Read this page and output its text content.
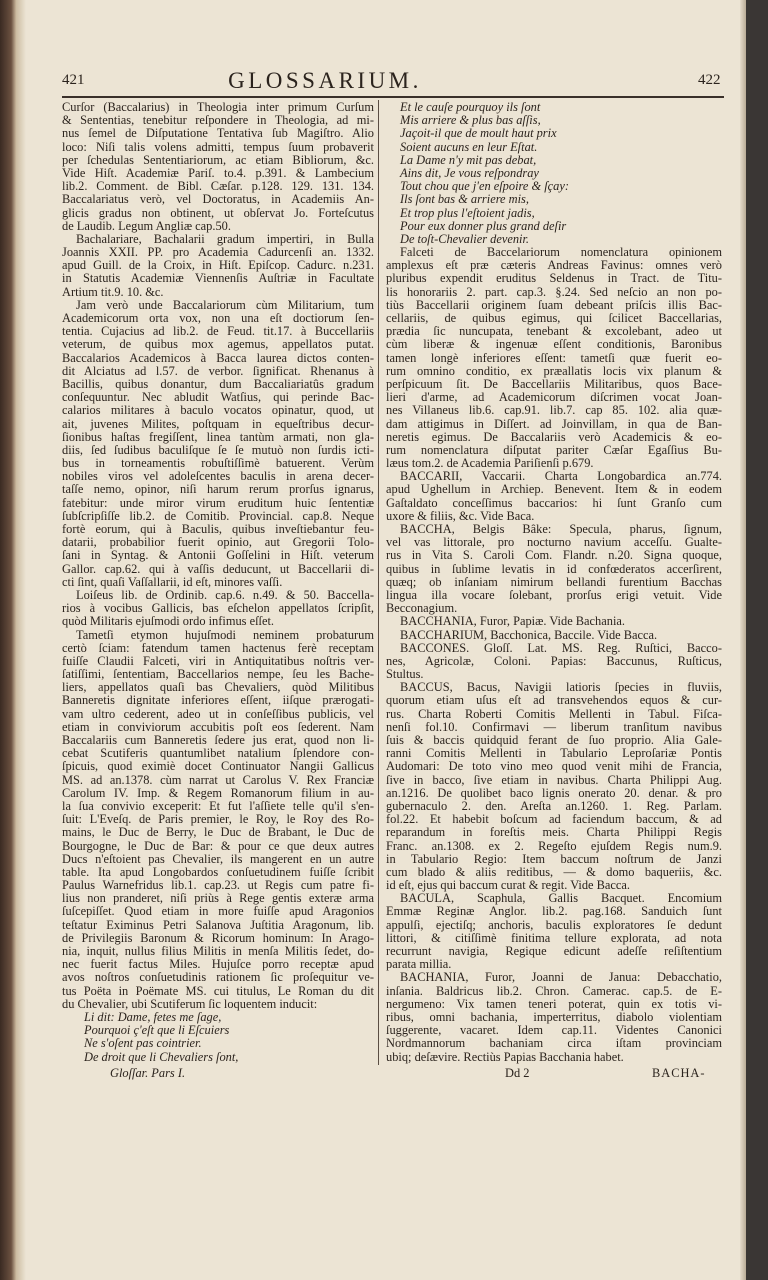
421	GLOSSARIUM.	422
Curſor (Baccalarius) in Theologia inter primum Curſum
& Sententias, tenebitur reſpondere in Theologia, ad mi-
nus ſemel de Diſputatione Tentativa ſub Magiſtro. Alio
loco: Niſi talis volens admitti, tempus ſuum probaverit
per ſchedulas Sententiariorum, ac etiam Bibliorum, &c.
Vide Hiſt. Academiæ Pariſ. to.4. p.391. & Lambecium
lib.2. Comment. de Bibl. Cæſar. p.128. 129. 131. 134.
Baccalariatus verò, vel Doctoratus, in Academiis An-
glicis gradus non obtinent, ut obſervat Jo. Forteſcutus
de Laudib. Legum Angliæ cap.50.
Bachalariare, Bachalarii gradum impertiri, in Bulla
Joannis XXII. PP. pro Academia Cadurcenſi an. 1332.
apud Guill. de la Croix, in Hiſt. Epiſcop. Cadurc. n.231.
in Statutis Academiæ Viennenſis Auſtriæ in Facultate
Artium tit.9. 10. &c.
Jam verò unde Baccalariorum cùm Militarium, tum
Academicorum orta vox, non una eſt doctiorum ſen-
tentia. Cujacius ad lib.2. de Feud. tit.17. à Buccellariis
veterum, de quibus mox agemus, appellatos putat.
Baccalarios Academicos à Bacca laurea dictos conten-
dit Alciatus ad l.57. de verbor. ſignificat. Rhenanus à
Bacillis, quibus donantur, dum Baccaliariatûs gradum
conſequuntur. Nec abludit Watſius, qui perinde Bac-
calarios militares à baculo vocatos opinatur, quod, ut
ait, juvenes Milites, poſtquam in equeſtribus decur-
ſionibus haſtas fregiſſent, linea tantùm armati, non gla-
diis, ſed ſudibus baculiſque ſe ſe mutuò non ſurdis icti-
bus in torneamentis robuſtiſſimè batuerent. Verùm
nobiles viros vel adoleſcentes baculis in arena decer-
taſſe nemo, opinor, niſi harum rerum prorſus ignarus,
fatebitur: unde miror virum eruditum huic ſententiæ
ſubſcripſiſſe lib.2. de Comitib. Provincial. cap.8. Neque
fortè eorum, qui à Baculis, quibus inveſtiebantur feu-
datarii, probabilior fuerit opinio, aut Gregorii Tolo-
ſani in Syntag. & Antonii Goſſelini in Hiſt. veterum
Gallor. cap.62. qui à vaſſis deducunt, ut Baccellarii di-
cti ſint, quaſi Vaſſallarii, id eſt, minores vaſſi.
Loiſeus lib. de Ordinib. cap.6. n.49. & 50. Baccella-
rios à vocibus Gallicis, bas eſchelon appellatos ſcripſit,
quòd Militaris ejuſmodi ordo infimus eſſet.
Tametſi etymon hujuſmodi neminem probaturum
certò ſciam: fatendum tamen hactenus ferè receptam
fuiſſe Claudii Falceti, viri in Antiquitatibus noſtris ver-
ſatiſſimi, ſententiam, Baccellarios nempe, ſeu les Bache-
liers, appellatos quaſi bas Chevaliers, quòd Militibus
Banneretis dignitate inferiores eſſent, iiſque prærogati-
vam ultro cederent, adeo ut in conſeſſibus publicis, vel
etiam in conviviorum accubitis poſt eos ſederent. Nam
Baccalariis cum Banneretis ſedere jus erat, quod non li-
cebat Scutiferis quantumlibet natalium ſplendore con-
ſpicuis, quod eximiè docet Continuator Nangii Gallicus
MS. ad an.1378. cùm narrat ut Carolus V. Rex Franciæ
Carolum IV. Imp. & Regem Romanorum filium in au-
la ſua convivio exceperit: Et fut l'aſſiete telle qu'il s'en-
ſuit: L'Eveſq. de Paris premier, le Roy, le Roy des Ro-
mains, le Duc de Berry, le Duc de Brabant, le Duc de
Bourgogne, le Duc de Bar: & pour ce que deux autres
Ducs n'eſtoient pas Chevalier, ils mangerent en un autre
table. Ita apud Longobardos conſuetudinem fuiſſe ſcribit
Paulus Warnefridus lib.1. cap.23. ut Regis cum patre fi-
lius non pranderet, niſi priùs à Rege gentis exteræ arma
ſuſcepiſſet. Quod etiam in more fuiſſe apud Aragonios
teſtatur Eximinus Petri Salanova Juſtitia Aragonum, lib.
de Privilegiis Baronum & Ricorum hominum: In Arago-
nia, inquit, nullus filius Militis in menſa Militis ſedet, do-
nec fuerit factus Miles. Hujuſce porro receptæ apud
avos noſtros conſuetudinis rationem ſic proſequitur ve-
tus Poëta in Poëmate MS. cui titulus, Le Roman du dit
du Chevalier, ubi Scutiferum ſic loquentem inducit:
Li dit: Dame, fetes me ſage,
Pourquoi ç'eſt que li Eſcuiers
Ne s'oſent pas cointrier.
De droit que li Chevaliers ſont,
Et le cauſe pourquoy ils ſont
Mis arriere & plus bas aſſis,
Jaçoit-il que de moult haut prix
Soient aucuns en leur Eſtat.
La Dame n'y mit pas debat,
Ains dit, Je vous reſpondray
Tout chou que j'en eſpoire & ſçay:
Ils ſont bas & arriere mis,
Et trop plus l'eſtoient jadis,
Pour eux donner plus grand deſir
De toſt-Chevalier devenir.
Falceti de Baccelariorum nomenclatura opinionem
amplexus eſt præ cæteris Andreas Favinus: omnes verò
pluribus expendit eruditus Seldenus in Tract. de Titu-
lis honorariis 2. part. cap.3. §.24. Sed neſcio an non po-
tiùs Baccellarii originem ſuam debeant priſcis illis Bac-
cellariis, de quibus egimus, qui ſcilicet Baccellarias,
prædia ſic nuncupata, tenebant & excolebant, adeo ut
cùm liberæ & ingenuæ eſſent conditionis, Baronibus
tamen longè inferiores eſſent: tametſi quæ fuerit eo-
rum omnino conditio, ex præallatis locis vix planum &
perſpicuum ſit. De Baccellariis Militaribus, quos Bace-
lieri d'arme, ad Academicorum diſcrimen vocat Joan-
nes Villaneus lib.6. cap.91. lib.7. cap 85. 102. alia quæ-
dam attigimus in Diſſert. ad Joinvillam, in qua de Ban-
neretis egimus. De Baccalariis verò Academicis & eo-
rum nomenclatura diſputat pariter Cæſar Egaſſius Bu-
læus tom.2. de Academia Pariſienſi p.679.
BACCARII, Vaccarii. Charta Longobardica an.774.
apud Ughellum in Archiep. Benevent. Item & in eodem
Gaſtaldato conceſſimus baccarios: hi ſunt Granſo cum
uxore & filiis, &c. Vide Baca.
BACCHA, Belgis Bâke: Specula, pharus, ſignum,
vel vas littorale, pro nocturno navium acceſſu. Gualte-
rus in Vita S. Caroli Com. Flandr. n.20. Signa quoque,
quibus in ſublime levatis in id confœderatos accerſirent,
quæq; ob inſaniam nimirum bellandi furentium Bacchas
lingua illa vocare ſolebant, prorſus erigi vetuit. Vide
Becconagium.
BACCHANIA, Furor, Papiæ. Vide Bachania.
BACCHARIUM, Bacchonica, Baccile. Vide Bacca.
BACCONES. Gloſſ. Lat. MS. Reg. Ruſtici, Bacco-
nes, Agricolæ, Coloni. Papias: Baccunus, Ruſticus,
Stultus.
BACCUS, Bacus, Navigii latioris ſpecies in fluviis,
quorum etiam uſus eſt ad transvehendos equos & cur-
rus. Charta Roberti Comitis Mellenti in Tabul. Fiſca-
nenſi fol.10. Confirmavi — liberum tranſitum navibus
ſuis & baccis quidquid ferant de ſuo proprio. Alia Gale-
ranni Comitis Mellenti in Tabulario Leproſariæ Pontis
Audomari: De toto vino meo quod venit mihi de Francia,
ſive in bacco, ſive etiam in navibus. Charta Philippi Aug.
an.1216. De quolibet baco lignis onerato 20. denar. & pro
gubernaculo 2. den. Areſta an.1260. 1. Reg. Parlam.
fol.22. Et habebit boſcum ad faciendum baccum, & ad
reparandum in foreſtis meis. Charta Philippi Regis
Franc. an.1308. ex 2. Regeſto ejuſdem Regis num.9.
in Tabulario Regio: Item baccum noſtrum de Janzi
cum blado & aliis reditibus, — & domo baqueriis, &c.
id eſt, ejus qui baccum curat & regit. Vide Bacca.
BACULA, Scaphula, Gallis Bacquet. Encomium
Emmæ Reginæ Anglor. lib.2. pag.168. Sanduich ſunt
appulſi, ejectiſq; anchoris, baculis exploratores ſe dedunt
littori, & citiſſimè finitima tellure explorata, ad nota
recurrunt navigia, Regique edicunt adeſſe reſiſtentium
parata millia.
BACHANIA, Furor, Joanni de Janua: Debacchatio,
inſania. Baldricus lib.2. Chron. Camerac. cap.5. de E-
nergumeno: Vix tamen teneri poterat, quin ex totis vi-
ribus, omni bachania, imperterritus, diabolo violentiam
ſuggerente, vacaret. Idem cap.11. Videntes Canonici
Nordmannorum bachaniam circa iſtam provinciam
ubiq; deſævire. Rectiùs Papias Bacchania habet.
Gloſſar. Pars I.	Dd 2	BACHA-
